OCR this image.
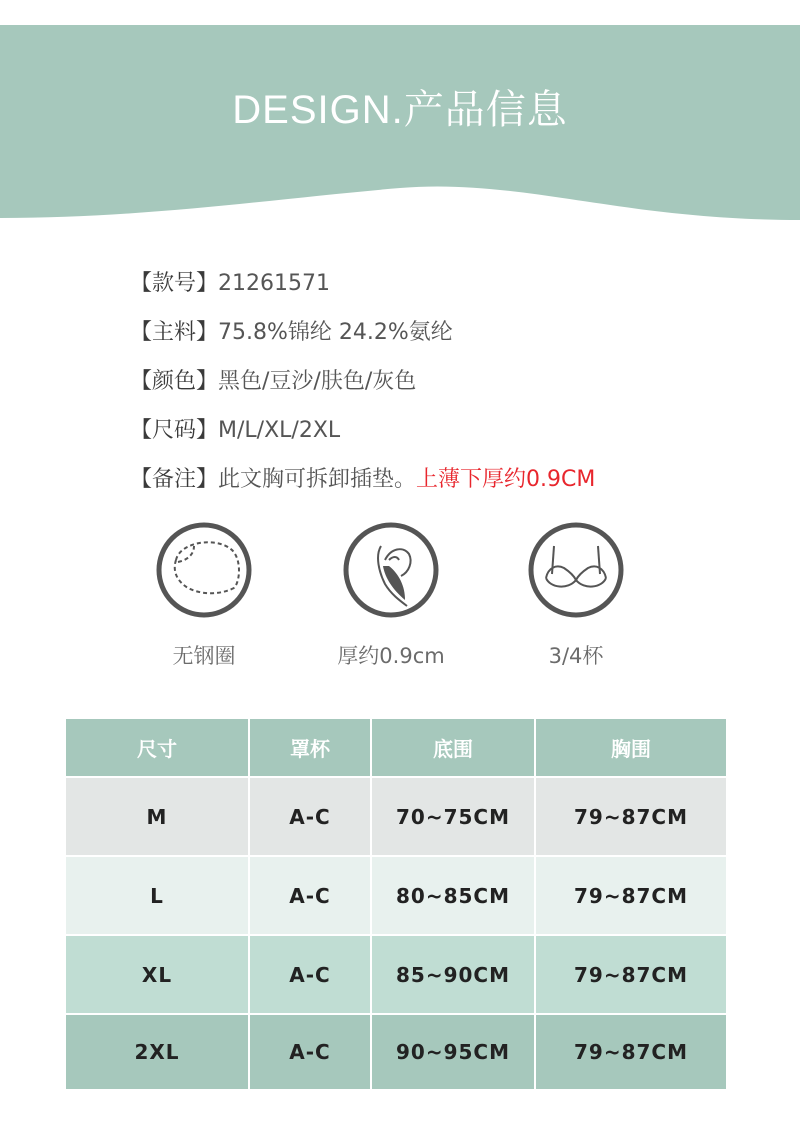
DESIGN.产品信息
【款号】21261571
【主料】75.8%锦纶 24.2%氨纶
【颜色】黑色/豆沙/肤色/灰色
【尺码】M/L/XL/2XL
【备注】此文胸可拆卸插垫。上薄下厚约0.9CM
无钢圈	厚约0.9cm	3/4杯
尺寸	罩杯	底围	胸围
M	A-C	70~75CM	79~87CM
L	A-C	80~85CM	79~87CM
XL	A-C	85~90CM	79~87CM
2XL	A-C	90~95CM	79~87CM
